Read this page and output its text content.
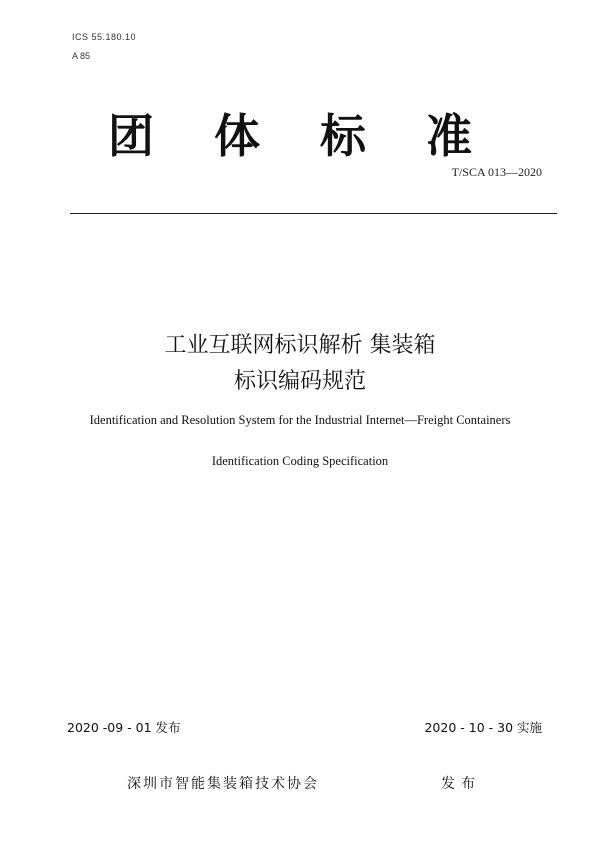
ICS 55.180.10
A 85
团体标准
T/SCA 013—2020
工业互联网标识解析 集装箱
标识编码规范
Identification and Resolution System for the Industrial Internet—Freight Containers
Identification Coding Specification
2020 -09 - 01 发布	2020 - 10 - 30 实施
深圳市智能集装箱技术协会	发布
